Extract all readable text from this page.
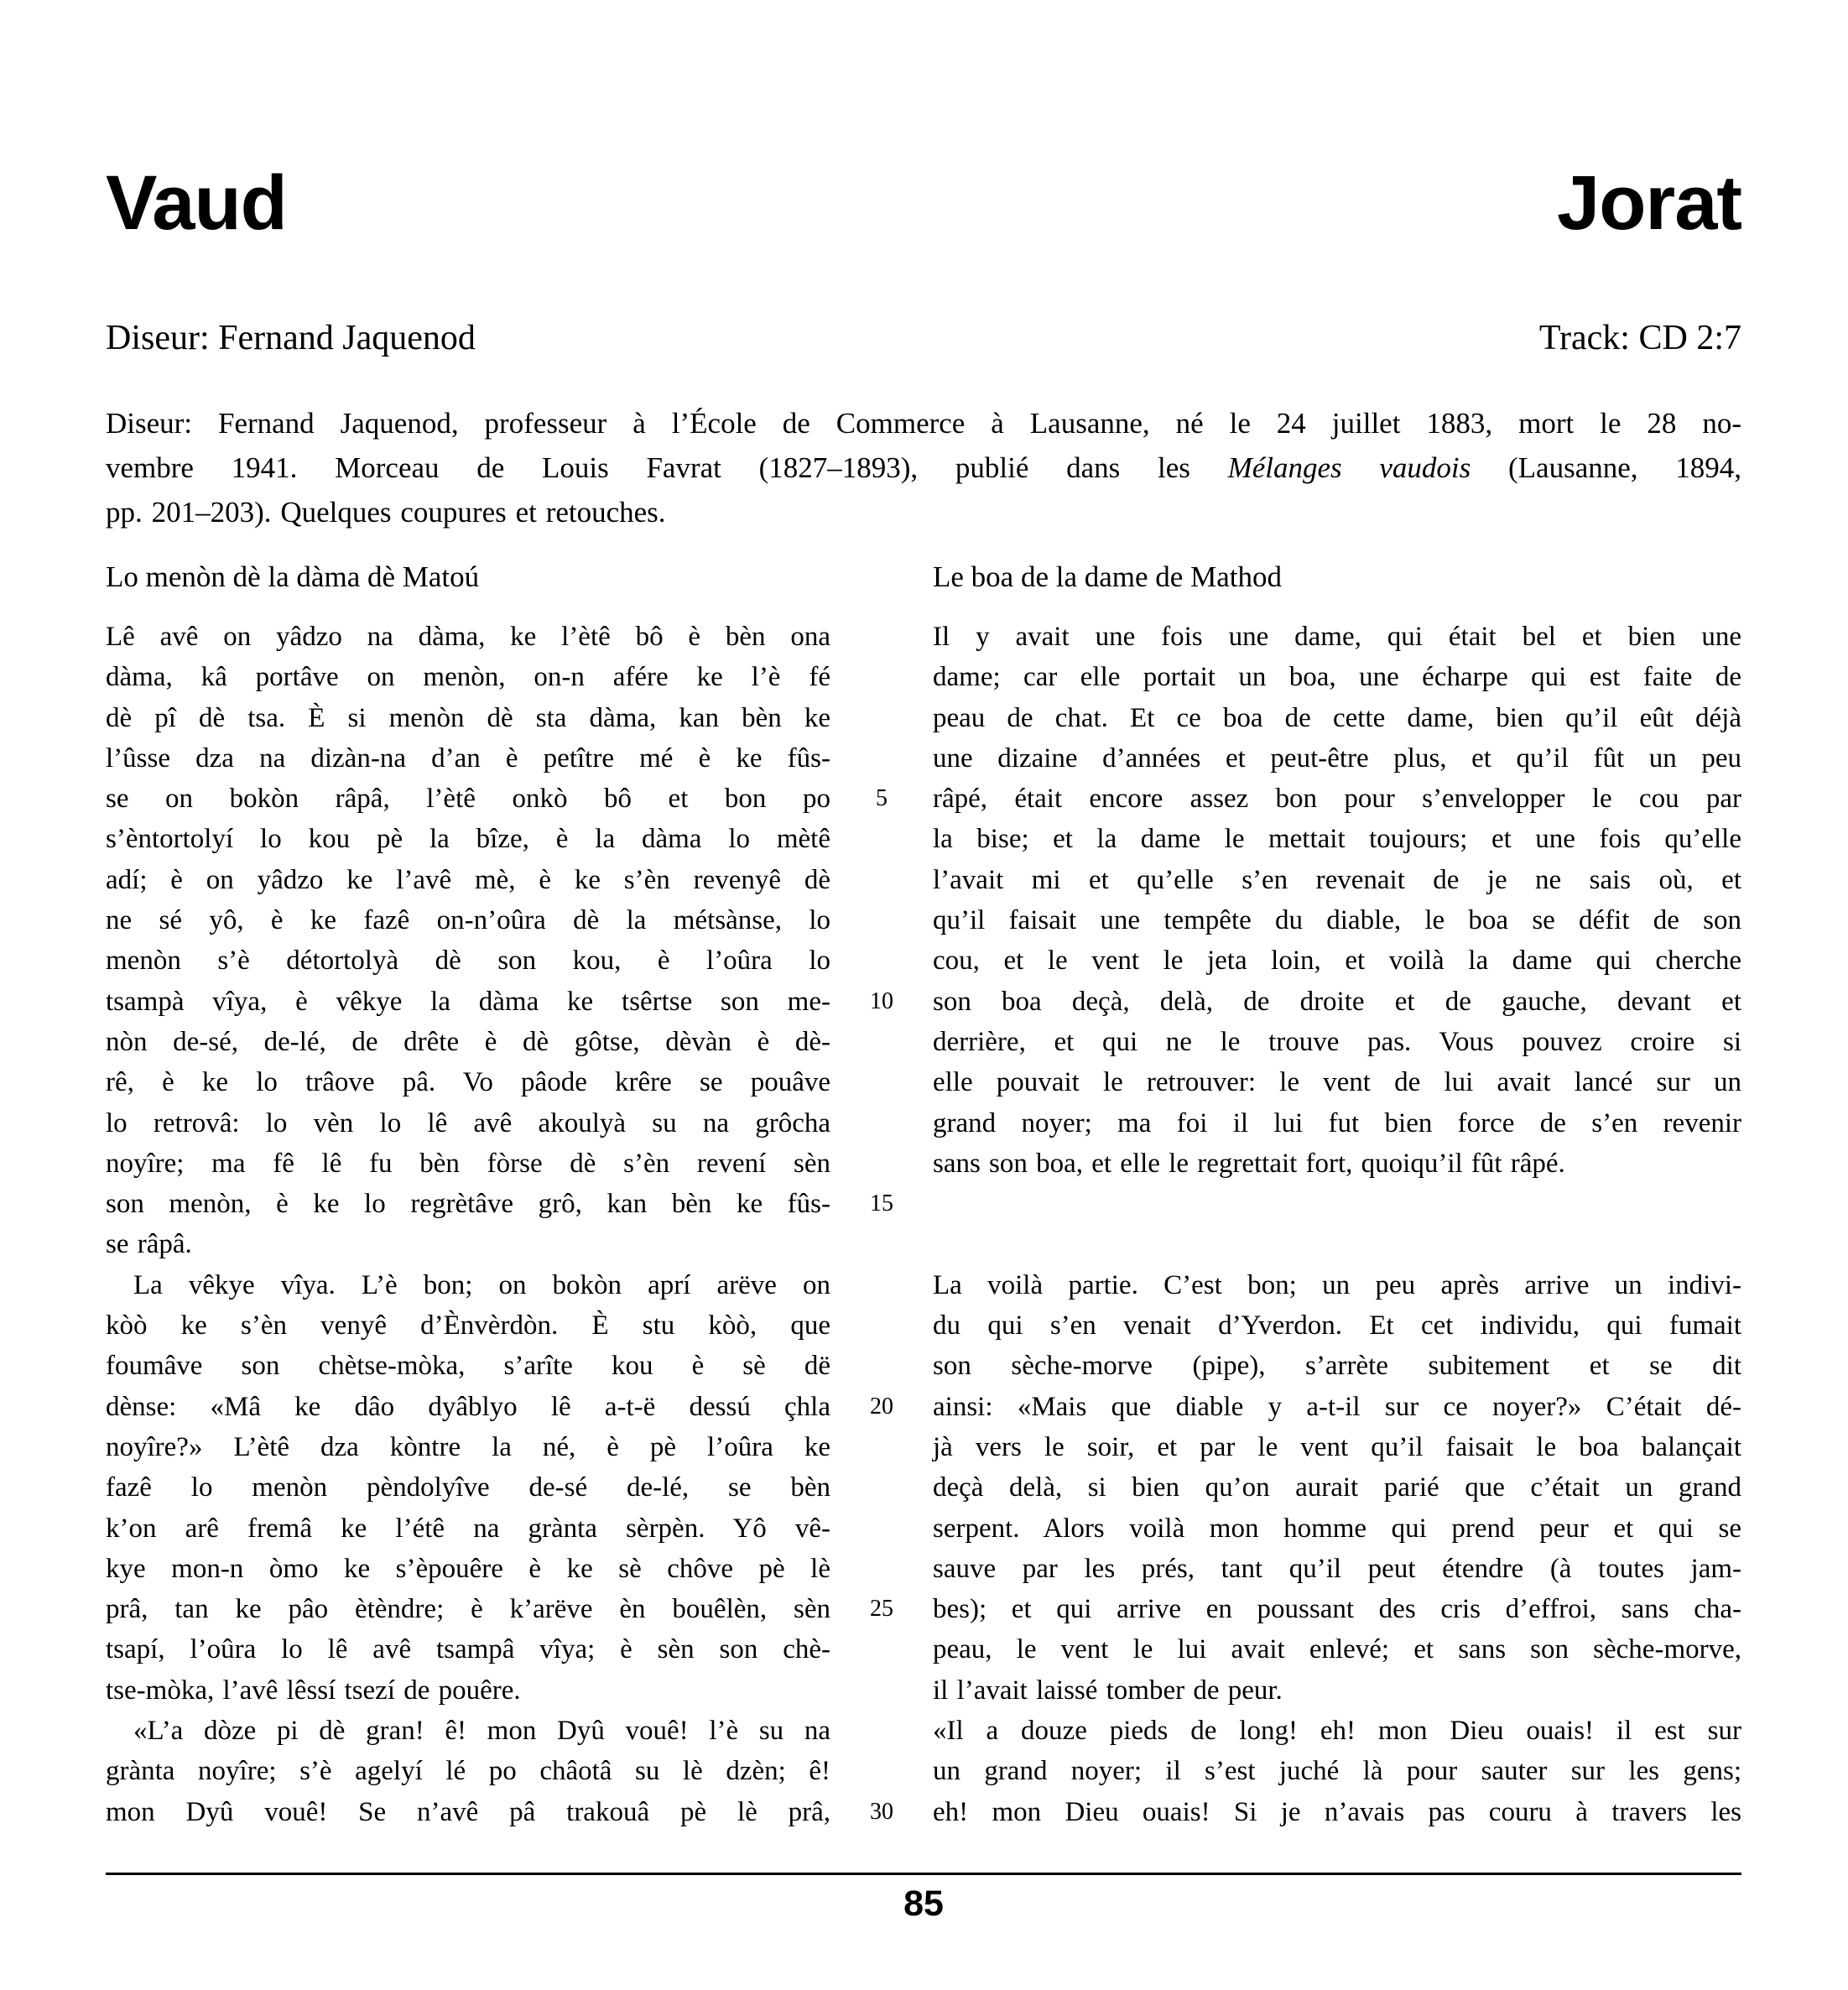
Vaud	Jorat
Diseur: Fernand Jaquenod	Track: CD 2:7
Diseur: Fernand Jaquenod, professeur à l’École de Commerce à Lausanne, né le 24 juillet 1883, mort le 28 no-
vembre 1941. Morceau de Louis Favrat (1827–1893), publié dans les Mélanges vaudois (Lausanne, 1894,
pp. 201–203). Quelques coupures et retouches.
Lo menòn dè la dàma dè Matoú	Le boa de la dame de Mathod
Lê avê on yâdzo na dàma, ke l’ètê bô è bèn ona
dàma, kâ portâve on menòn, on-n afére ke l’è fé
dè pî dè tsa. È si menòn dè sta dàma, kan bèn ke
l’ûsse dza na dizàn-na d’an è petître mé è ke fûs-
se on bokòn râpâ, l’ètê onkò bô et bon po
s’èntortolyí lo kou pè la bîze, è la dàma lo mètê
adí; è on yâdzo ke l’avê mè, è ke s’èn revenyê dè
ne sé yô, è ke fazê on-n’oûra dè la métsànse, lo
menòn s’è détortolyà dè son kou, è l’oûra lo
tsampà vîya, è vêkye la dàma ke tsêrtse son me-
nòn de-sé, de-lé, de drête è dè gôtse, dèvàn è dè-
rê, è ke lo trâove pâ. Vo pâode krêre se pouâve
lo retrovâ: lo vèn lo lê avê akoulyà su na grôcha
noyîre; ma fê lê fu bèn fòrse dè s’èn revení sèn
son menòn, è ke lo regrètâve grô, kan bèn ke fûs-
se râpâ.
 La vêkye vîya. L’è bon; on bokòn aprí arëve on
kòò ke s’èn venyê d’Ènvèrdòn. È stu kòò, que
foumâve son chètse-mòka, s’arîte kou è sè dë
dènse: «Mâ ke dâo dyâblyo lê a-t-ë dessú çhla
noyîre?» L’ètê dza kòntre la né, è pè l’oûra ke
fazê lo menòn pèndolyîve de-sé de-lé, se bèn
k’on arê fremâ ke l’étê na grànta sèrpèn. Yô vê-
kye mon-n òmo ke s’èpouêre è ke sè chôve pè lè
prâ, tan ke pâo ètèndre; è k’arëve èn bouêlèn, sèn
tsapí, l’oûra lo lê avê tsampâ vîya; è sèn son chè-
tse-mòka, l’avê lêssí tsezí de pouêre.
 «L’a dòze pi dè gran! ê! mon Dyû vouê! l’è su na
grànta noyîre; s’è agelyí lé po châotâ su lè dzèn; ê!
mon Dyû vouê! Se n’avê pâ trakouâ pè lè prâ,
5
10
15
20
25
30
Il y avait une fois une dame, qui était bel et bien une
dame; car elle portait un boa, une écharpe qui est faite de
peau de chat. Et ce boa de cette dame, bien qu’il eût déjà
une dizaine d’années et peut-être plus, et qu’il fût un peu
râpé, était encore assez bon pour s’envelopper le cou par
la bise; et la dame le mettait toujours; et une fois qu’elle
l’avait mi et qu’elle s’en revenait de je ne sais où, et
qu’il faisait une tempête du diable, le boa se défit de son
cou, et le vent le jeta loin, et voilà la dame qui cherche
son boa deçà, delà, de droite et de gauche, devant et
derrière, et qui ne le trouve pas. Vous pouvez croire si
elle pouvait le retrouver: le vent de lui avait lancé sur un
grand noyer; ma foi il lui fut bien force de s’en revenir
sans son boa, et elle le regrettait fort, quoiqu’il fût râpé.
La voilà partie. C’est bon; un peu après arrive un indivi-
du qui s’en venait d’Yverdon. Et cet individu, qui fumait
son sèche-morve (pipe), s’arrète subitement et se dit
ainsi: «Mais que diable y a-t-il sur ce noyer?» C’était dé-
jà vers le soir, et par le vent qu’il faisait le boa balançait
deçà delà, si bien qu’on aurait parié que c’était un grand
serpent. Alors voilà mon homme qui prend peur et qui se
sauve par les prés, tant qu’il peut étendre (à toutes jam-
bes); et qui arrive en poussant des cris d’effroi, sans cha-
peau, le vent le lui avait enlevé; et sans son sèche-morve,
il l’avait laissé tomber de peur.
«Il a douze pieds de long! eh! mon Dieu ouais! il est sur
un grand noyer; il s’est juché là pour sauter sur les gens;
eh! mon Dieu ouais! Si je n’avais pas couru à travers les
85
